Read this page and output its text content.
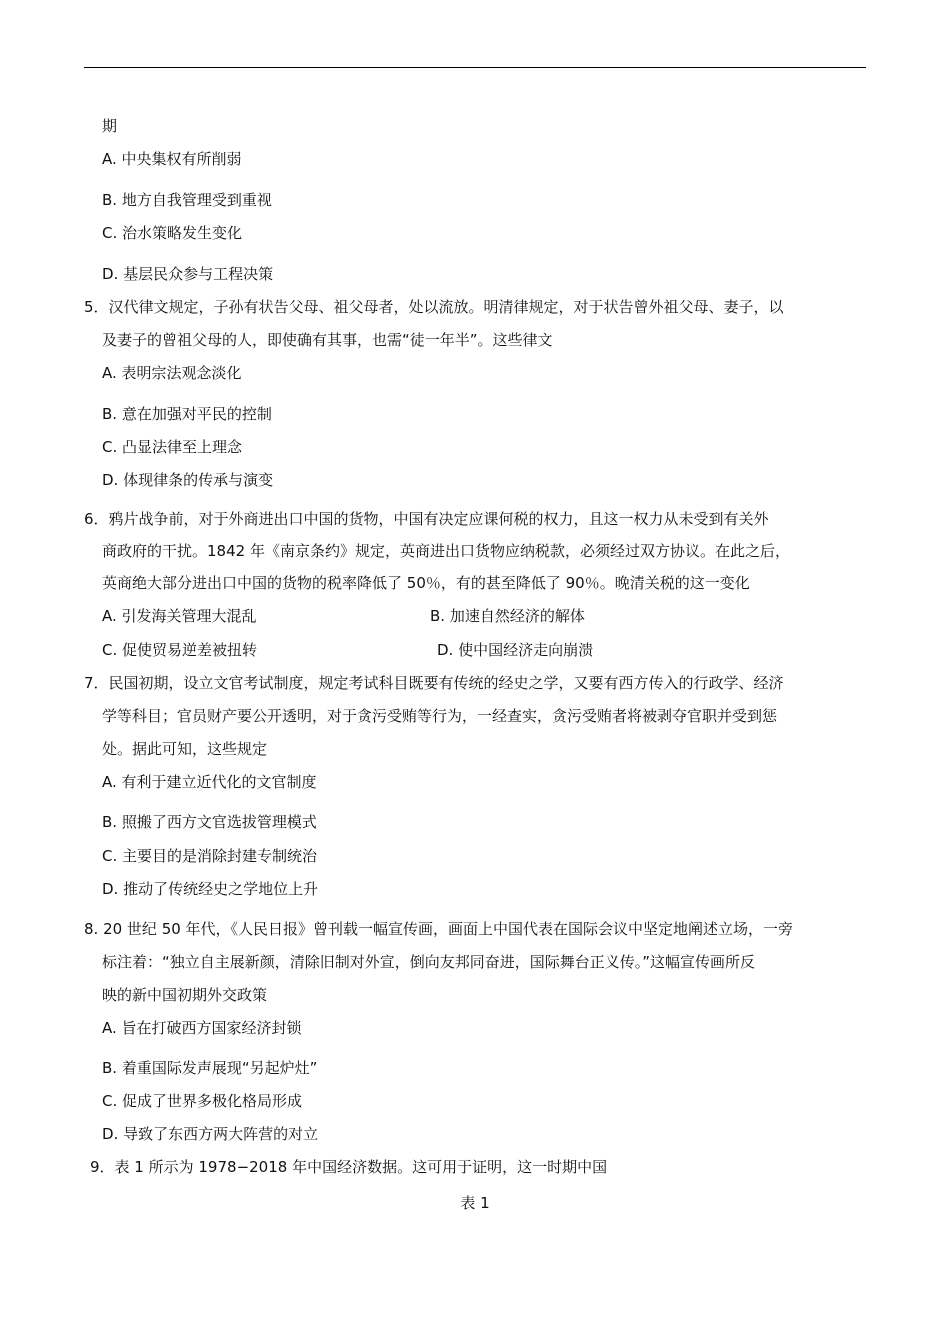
期
A. 中央集权有所削弱
B. 地方自我管理受到重视
C. 治水策略发生变化
D. 基层民众参与工程决策
5．汉代律文规定，子孙有状告父母、祖父母者，处以流放。明清律规定，对于状告曾外祖父母、妻子，以
及妻子的曾祖父母的人，即使确有其事，也需“徒一年半”。这些律文
A. 表明宗法观念淡化
B. 意在加强对平民的控制
C. 凸显法律至上理念
D. 体现律条的传承与演变
6．鸦片战争前，对于外商进出口中国的货物，中国有决定应课何税的权力，且这一权力从未受到有关外
商政府的干扰。1842 年《南京条约》规定，英商进出口货物应纳税款，必须经过双方协议。在此之后，
英商绝大部分进出口中国的货物的税率降低了 50％，有的甚至降低了 90％。晚清关税的这一变化
A. 引发海关管理大混乱	B. 加速自然经济的解体
C. 促使贸易逆差被扭转	D. 使中国经济走向崩溃
7．民国初期，设立文官考试制度，规定考试科目既要有传统的经史之学，又要有西方传入的行政学、经济
学等科目；官员财产要公开透明，对于贪污受贿等行为，一经查实，贪污受贿者将被剥夺官职并受到惩
处。据此可知，这些规定
A. 有利于建立近代化的文官制度
B. 照搬了西方文官选拔管理模式
C. 主要目的是消除封建专制统治
D. 推动了传统经史之学地位上升
8. 20 世纪 50 年代，《人民日报》曾刊载一幅宣传画，画面上中国代表在国际会议中坚定地阐述立场，一旁
标注着：“独立自主展新颜，清除旧制对外宣，倒向友邦同奋进，国际舞台正义传。”这幅宣传画所反
映的新中国初期外交政策
A. 旨在打破西方国家经济封锁
B. 着重国际发声展现“另起炉灶”
C. 促成了世界多极化格局形成
D. 导致了东西方两大阵营的对立
9．表 1 所示为 1978−2018 年中国经济数据。这可用于证明，这一时期中国
表 1
